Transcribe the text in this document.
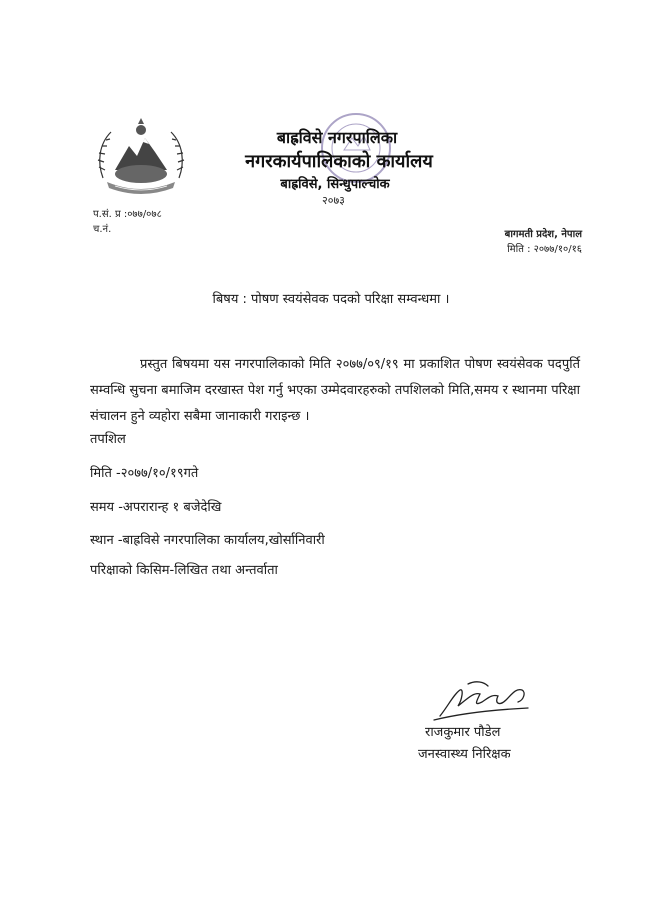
बाह्रविसे नगरपालिका
नगरकार्यपालिकाको कार्यालय
बाह्रविसे, सिन्धुपाल्चोक
२०७३
प.सं. प्र :०७७/०७८
च.नं.	बागमती प्रदेश, नेपाल
मिति : २०७७/१०/१६
बिषय : पोषण स्वयंसेवक पदको परिक्षा सम्वन्धमा ।

प्रस्तुत बिषयमा यस नगरपालिकाको मिति २०७७/०९/१९ मा प्रकाशित पोषण स्वयंसेवक पदपुर्ति सम्वन्धि सुचना बमाजिम दरखास्त पेश गर्नु भएका उम्मेदवारहरुको तपशिलको मिति,समय र स्थानमा परिक्षा संचालन हुने व्यहोरा सबैमा जानाकारी गराइन्छ ।

तपशिल
मिति -२०७७/१०/१९गते
समय -अपरारान्ह १ बजेदेखि
स्थान -बाह्रविसे नगरपालिका कार्यालय,खोर्सानिवारी
परिक्षाको किसिम-लिखित तथा अन्तर्वाता
राजकुमार पौडेल
जनस्वास्थ्य निरिक्षक
